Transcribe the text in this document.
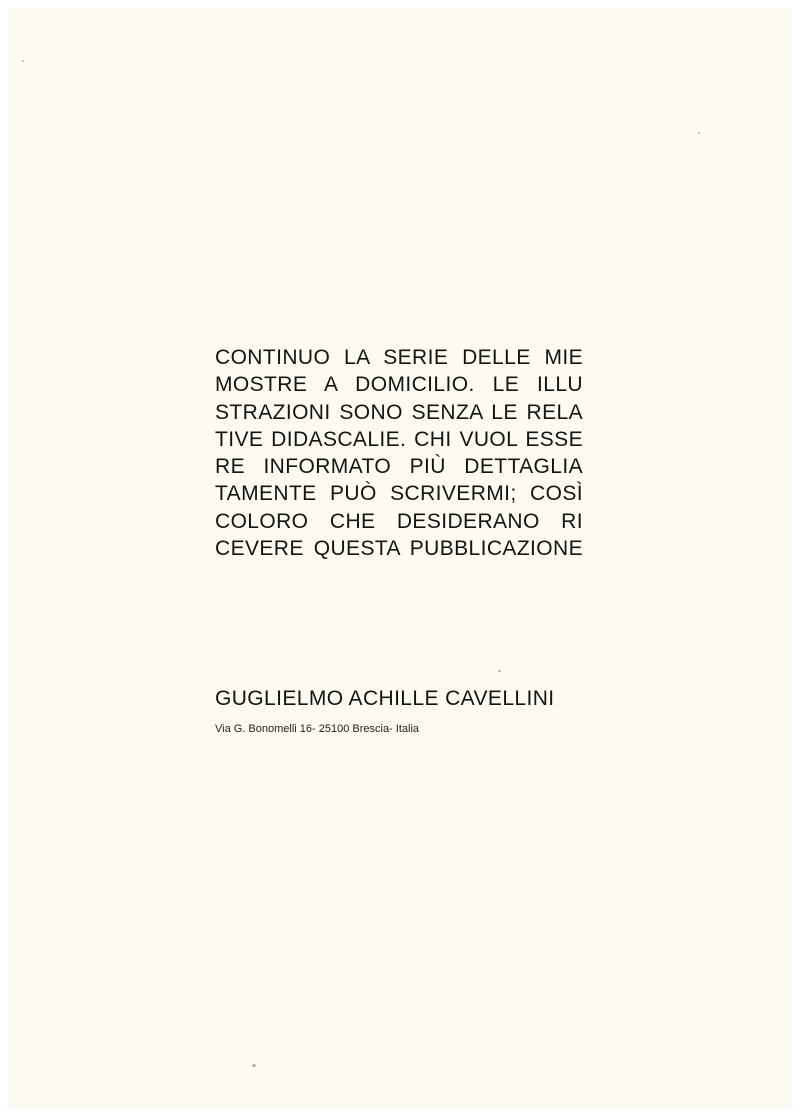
CONTINUO LA SERIE DELLE MIE
MOSTRE A DOMICILIO. LE ILLU
STRAZIONI SONO SENZA LE RELA
TIVE DIDASCALIE. CHI VUOL ESSE
RE INFORMATO PIÙ DETTAGLIA
TAMENTE PUÒ SCRIVERMI; COSÌ
COLORO CHE DESIDERANO RI
CEVERE QUESTA PUBBLICAZIONE
GUGLIELMO ACHILLE CAVELLINI
Via G. Bonomelli 16- 25100 Brescia- Italia
